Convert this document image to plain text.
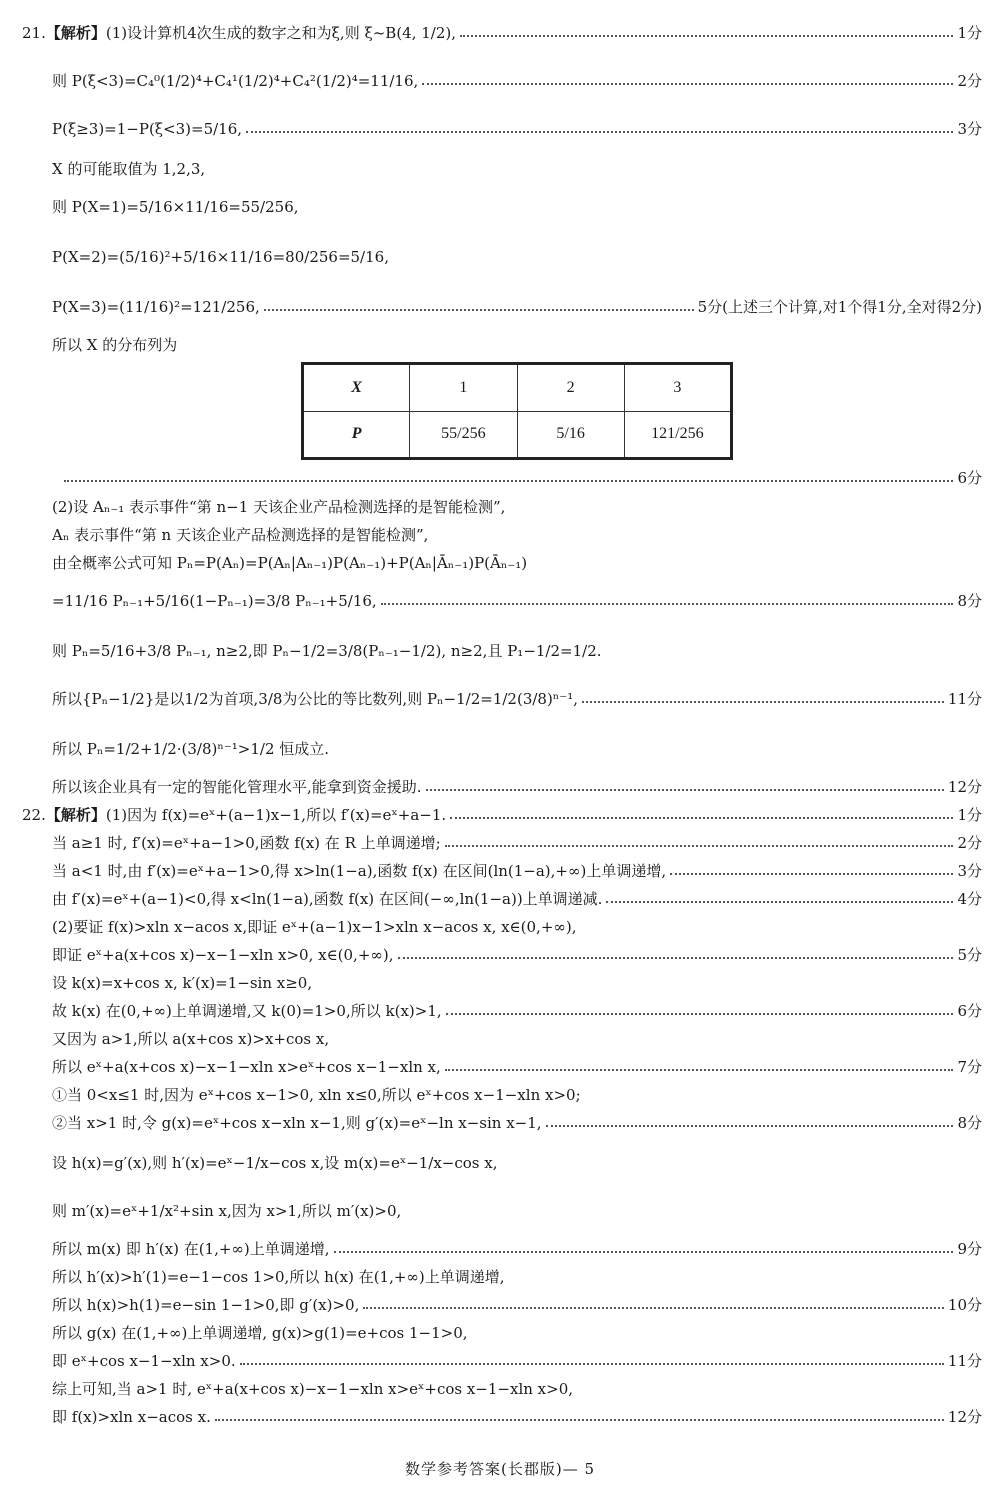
21.【解析】(1)设计算机4次生成的数字之和为ξ,则 ξ~B(4, 1/2),	1分
则 P(ξ<3)=C₄⁰(1/2)⁴+C₄¹(1/2)⁴+C₄²(1/2)⁴=11/16,	2分
P(ξ≥3)=1−P(ξ<3)=5/16,	3分
X 的可能取值为 1,2,3,
则 P(X=1)=5/16×11/16=55/256,
P(X=2)=(5/16)²+5/16×11/16=80/256=5/16,
P(X=3)=(11/16)²=121/256,	5分(上述三个计算,对1个得1分,全对得2分)
所以 X 的分布列为
X	1	2	3
P	55/256	5/16	121/256
6分
(2)设 Aₙ₋₁ 表示事件“第 n−1 天该企业产品检测选择的是智能检测”,
Aₙ 表示事件“第 n 天该企业产品检测选择的是智能检测”,
由全概率公式可知 Pₙ=P(Aₙ)=P(Aₙ|Aₙ₋₁)P(Aₙ₋₁)+P(Aₙ|Āₙ₋₁)P(Āₙ₋₁)
=11/16 Pₙ₋₁+5/16(1−Pₙ₋₁)=3/8 Pₙ₋₁+5/16,	8分
则 Pₙ=5/16+3/8 Pₙ₋₁, n≥2,即 Pₙ−1/2=3/8(Pₙ₋₁−1/2), n≥2,且 P₁−1/2=1/2.
所以{Pₙ−1/2}是以1/2为首项,3/8为公比的等比数列,则 Pₙ−1/2=1/2(3/8)ⁿ⁻¹,	11分
所以 Pₙ=1/2+1/2·(3/8)ⁿ⁻¹>1/2 恒成立.
所以该企业具有一定的智能化管理水平,能拿到资金援助.	12分
22.【解析】(1)因为 f(x)=eˣ+(a−1)x−1,所以 f′(x)=eˣ+a−1.	1分
当 a≥1 时, f′(x)=eˣ+a−1>0,函数 f(x) 在 R 上单调递增;	2分
当 a<1 时,由 f′(x)=eˣ+a−1>0,得 x>ln(1−a),函数 f(x) 在区间(ln(1−a),+∞)上单调递增,	3分
由 f′(x)=eˣ+(a−1)<0,得 x<ln(1−a),函数 f(x) 在区间(−∞,ln(1−a))上单调递减.	4分
(2)要证 f(x)>xln x−acos x,即证 eˣ+(a−1)x−1>xln x−acos x, x∈(0,+∞),
即证 eˣ+a(x+cos x)−x−1−xln x>0, x∈(0,+∞),	5分
设 k(x)=x+cos x, k′(x)=1−sin x≥0,
故 k(x) 在(0,+∞)上单调递增,又 k(0)=1>0,所以 k(x)>1,	6分
又因为 a>1,所以 a(x+cos x)>x+cos x,
所以 eˣ+a(x+cos x)−x−1−xln x>eˣ+cos x−1−xln x,	7分
①当 0<x≤1 时,因为 eˣ+cos x−1>0, xln x≤0,所以 eˣ+cos x−1−xln x>0;
②当 x>1 时,令 g(x)=eˣ+cos x−xln x−1,则 g′(x)=eˣ−ln x−sin x−1,	8分
设 h(x)=g′(x),则 h′(x)=eˣ−1/x−cos x,设 m(x)=eˣ−1/x−cos x,
则 m′(x)=eˣ+1/x²+sin x,因为 x>1,所以 m′(x)>0,
所以 m(x) 即 h′(x) 在(1,+∞)上单调递增,	9分
所以 h′(x)>h′(1)=e−1−cos 1>0,所以 h(x) 在(1,+∞)上单调递增,
所以 h(x)>h(1)=e−sin 1−1>0,即 g′(x)>0,	10分
所以 g(x) 在(1,+∞)上单调递增, g(x)>g(1)=e+cos 1−1>0,
即 eˣ+cos x−1−xln x>0.	11分
综上可知,当 a>1 时, eˣ+a(x+cos x)−x−1−xln x>eˣ+cos x−1−xln x>0,
即 f(x)>xln x−acos x.	12分
数学参考答案(长郡版)— 5
